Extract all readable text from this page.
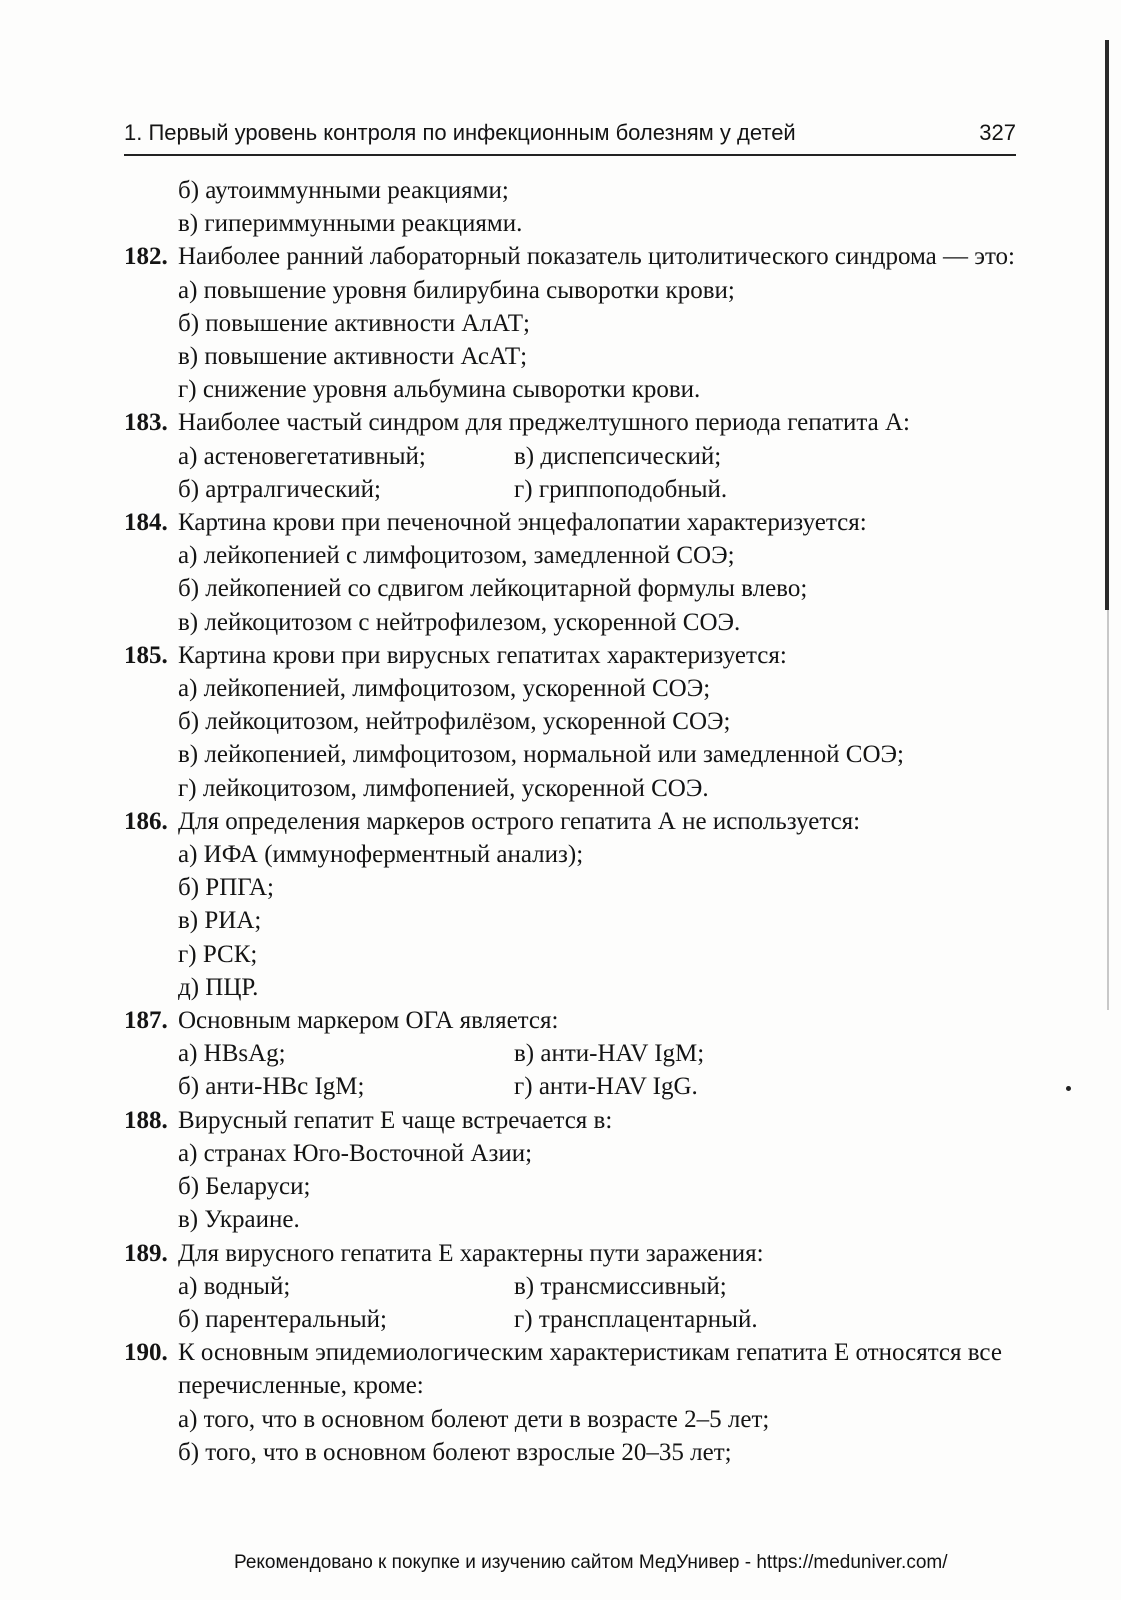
1. Первый уровень контроля по инфекционным болезням у детей	327
б) аутоиммунными реакциями;
в) гипериммунными реакциями.
182. Наиболее ранний лабораторный показатель цитолитического синдрома — это:
а) повышение уровня билирубина сыворотки крови;
б) повышение активности АлАТ;
в) повышение активности АсАТ;
г) снижение уровня альбумина сыворотки крови.
183. Наиболее частый синдром для преджелтушного периода гепатита А:
а) астеновегетативный;	в) диспепсический;
б) артралгический;	г) гриппоподобный.
184. Картина крови при печеночной энцефалопатии характеризуется:
а) лейкопенией с лимфоцитозом, замедленной СОЭ;
б) лейкопенией со сдвигом лейкоцитарной формулы влево;
в) лейкоцитозом с нейтрофилезом, ускоренной СОЭ.
185. Картина крови при вирусных гепатитах характеризуется:
а) лейкопенией, лимфоцитозом, ускоренной СОЭ;
б) лейкоцитозом, нейтрофилёзом, ускоренной СОЭ;
в) лейкопенией, лимфоцитозом, нормальной или замедленной СОЭ;
г) лейкоцитозом, лимфопенией, ускоренной СОЭ.
186. Для определения маркеров острого гепатита А не используется:
а) ИФА (иммуноферментный анализ);
б) РПГА;
в) РИА;
г) РСК;
д) ПЦР.
187. Основным маркером ОГА является:
а) HBsAg;	в) анти-HAV IgM;
б) анти-HBc IgM;	г) анти-HAV IgG.
188. Вирусный гепатит Е чаще встречается в:
а) странах Юго-Восточной Азии;
б) Беларуси;
в) Украине.
189. Для вирусного гепатита Е характерны пути заражения:
а) водный;	в) трансмиссивный;
б) парентеральный;	г) трансплацентарный.
190. К основным эпидемиологическим характеристикам гепатита Е относятся все перечисленные, кроме:
а) того, что в основном болеют дети в возрасте 2–5 лет;
б) того, что в основном болеют взрослые 20–35 лет;
Рекомендовано к покупке и изучению сайтом МедУнивер - https://meduniver.com/
